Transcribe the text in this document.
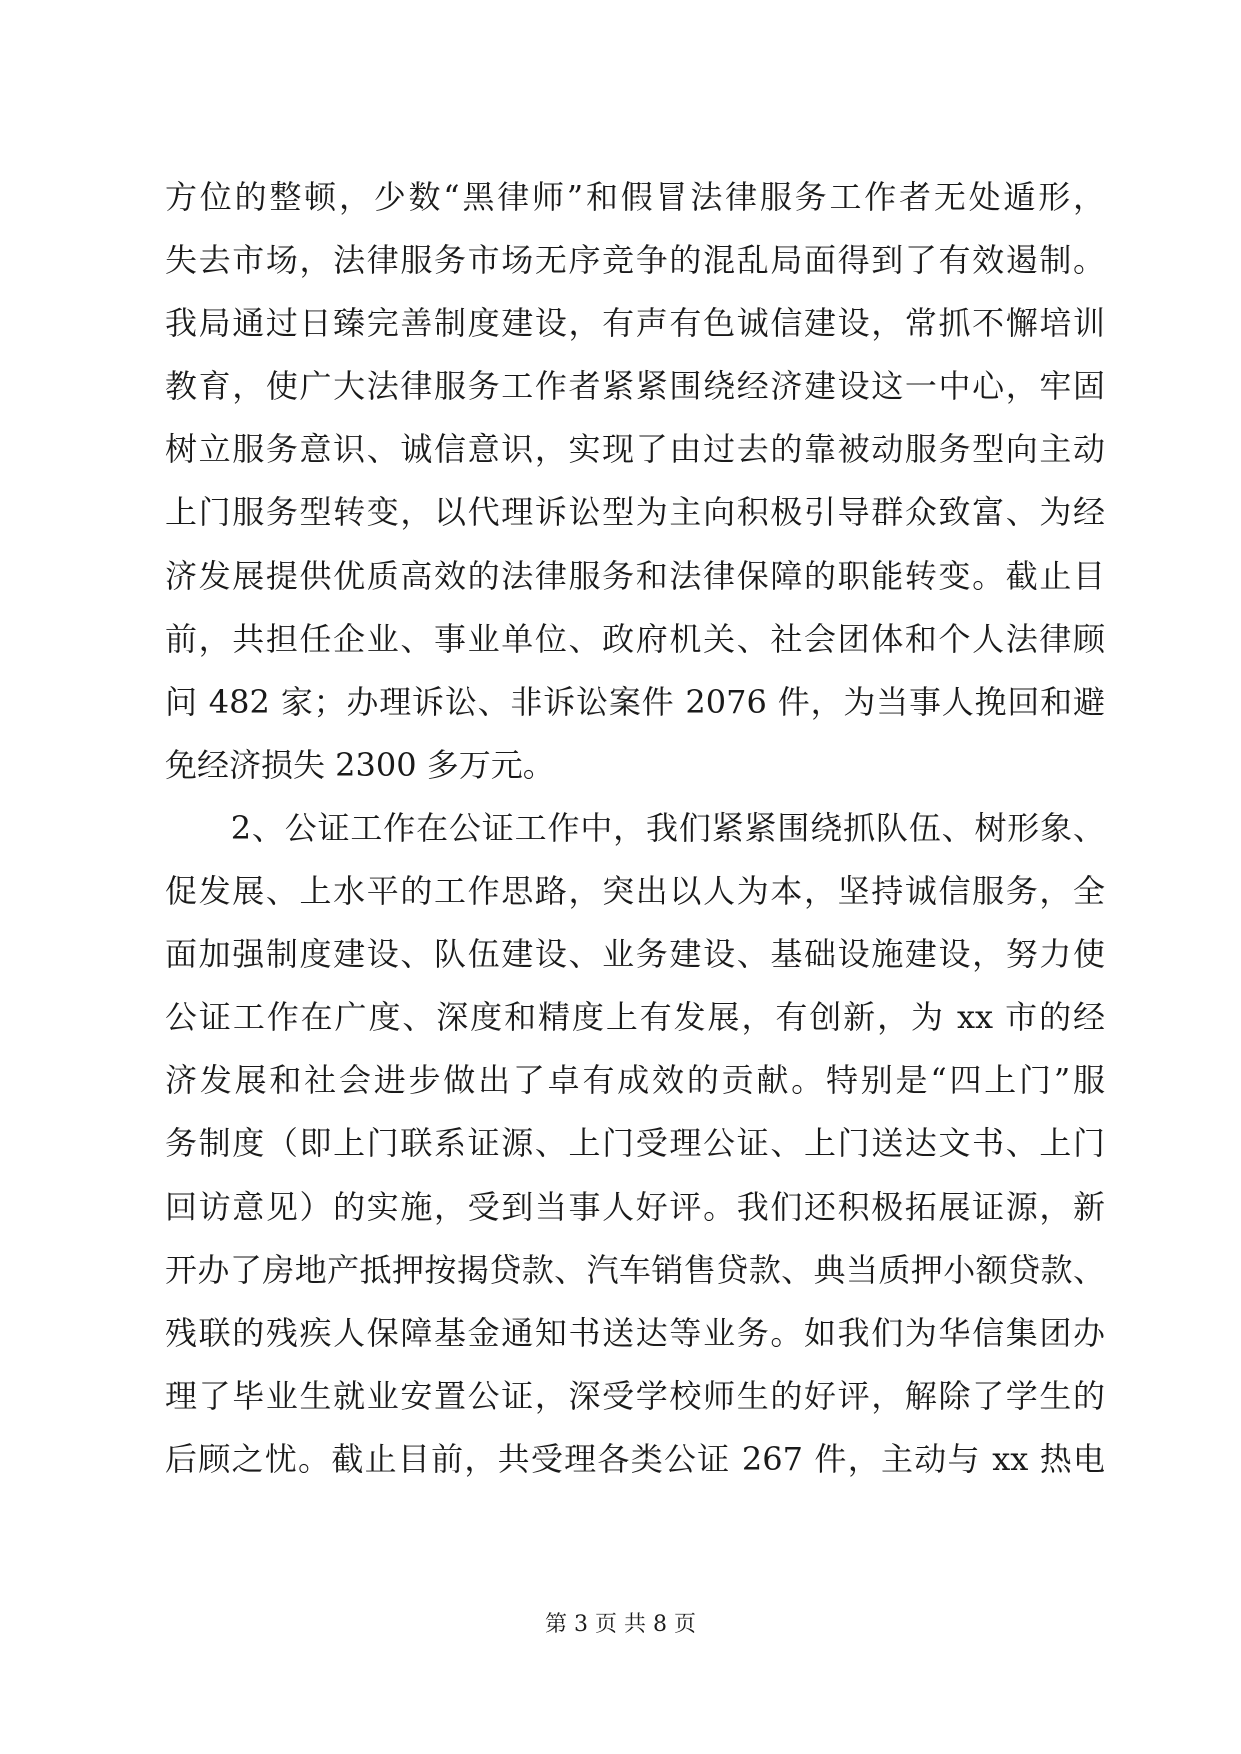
方位的整顿，少数“黑律师”和假冒法律服务工作者无处遁形，
失去市场，法律服务市场无序竞争的混乱局面得到了有效遏制。
我局通过日臻完善制度建设，有声有色诚信建设，常抓不懈培训
教育，使广大法律服务工作者紧紧围绕经济建设这一中心，牢固
树立服务意识、诚信意识，实现了由过去的靠被动服务型向主动
上门服务型转变，以代理诉讼型为主向积极引导群众致富、为经
济发展提供优质高效的法律服务和法律保障的职能转变。截止目
前，共担任企业、事业单位、政府机关、社会团体和个人法律顾
问 482 家；办理诉讼、非诉讼案件 2076 件，为当事人挽回和避
免经济损失 2300 多万元。
　　2、公证工作在公证工作中，我们紧紧围绕抓队伍、树形象、
促发展、上水平的工作思路，突出以人为本，坚持诚信服务，全
面加强制度建设、队伍建设、业务建设、基础设施建设，努力使
公证工作在广度、深度和精度上有发展，有创新，为 xx 市的经
济发展和社会进步做出了卓有成效的贡献。特别是“四上门”服
务制度（即上门联系证源、上门受理公证、上门送达文书、上门
回访意见）的实施，受到当事人好评。我们还积极拓展证源，新
开办了房地产抵押按揭贷款、汽车销售贷款、典当质押小额贷款、
残联的残疾人保障基金通知书送达等业务。如我们为华信集团办
理了毕业生就业安置公证，深受学校师生的好评，解除了学生的
后顾之忧。截止目前，共受理各类公证 267 件，主动与 xx 热电
第 3 页 共 8 页
